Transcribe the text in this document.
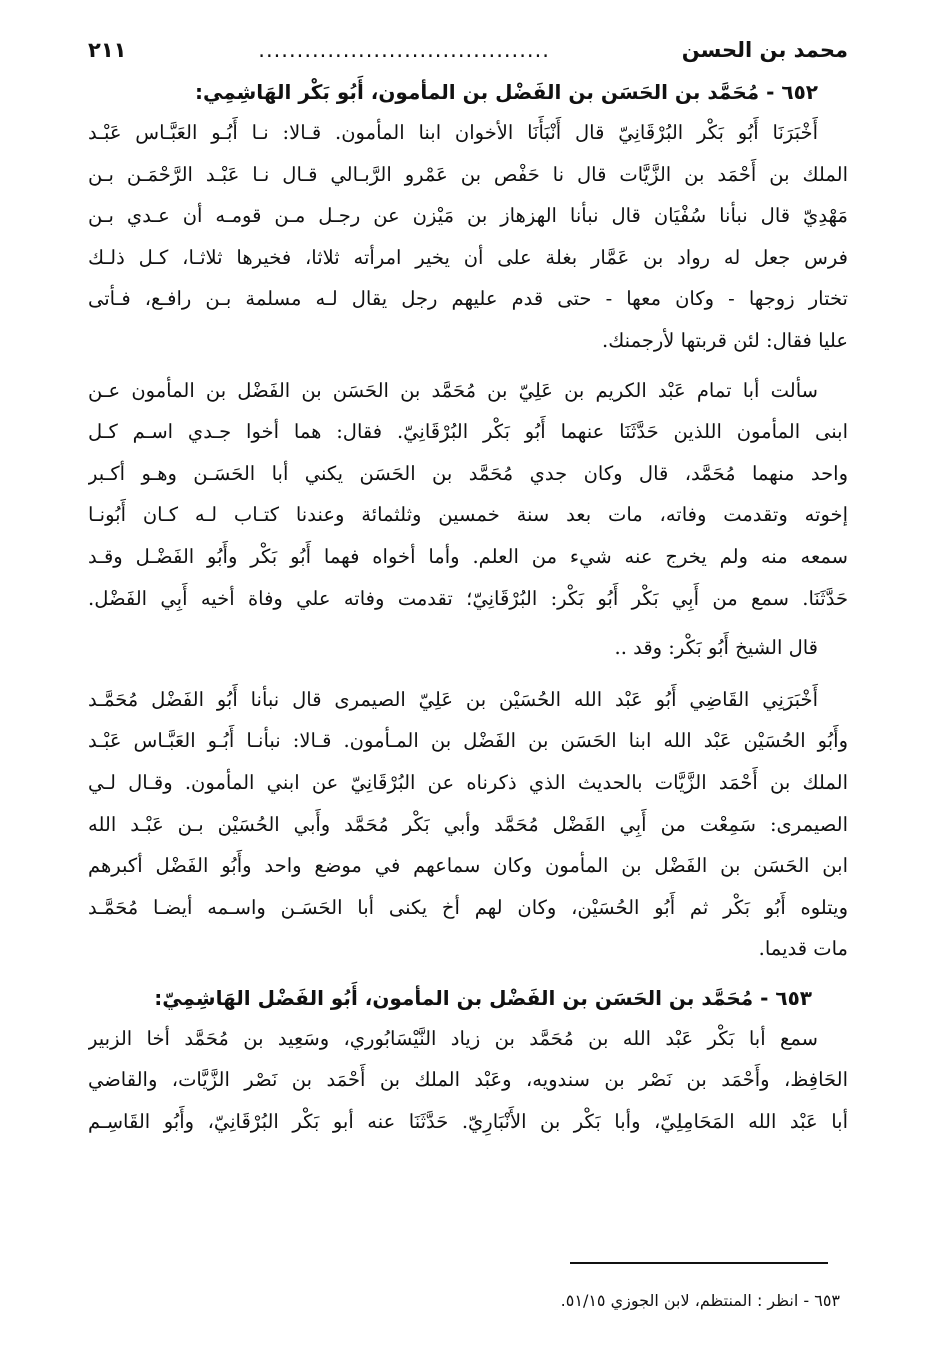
محمد بن الحسن
......................................
٢١١
٦٥٢ - مُحَمَّد بن الحَسَن بن الفَضْل بن المأمون، أَبُو بَكْر الهَاشِمِي:
أَخْبَرَنَا أَبُو بَكْر البُرْقَانِيّ قال أَنْبَأَنَا الأخوان ابنا المأمون. قـالا: نـا أَبُـو العَبَّـاس عَبْـد
الملك بن أَحْمَد بن الزَّيَّات قال نا حَفْص بن عَمْرو الرَّبـالي قـال نـا عَبْـد الرَّحْمَـن بـن
مَهْدِيّ قال نبأنا سُفْيَان قال نبأنا الهزهاز بن مَيْزن عن رجـل مـن قومـه أن عـدي بـن
فرس جعل له رواد بن عَمَّار بغلة على أن يخير امرأته ثلاثا، فخيرها ثلاثـا، كـل ذلـك
تختار زوجها - وكان معها - حتى قدم عليهم رجل يقال لـه مسلمة بـن رافـع، فـأتى
عليا فقال: لئن قربتها لأرجمنك.
سألت أبا تمام عَبْد الكريم بن عَلِيّ بن مُحَمَّد بن الحَسَن بن الفَضْل بن المأمون عـن
ابنى المأمون اللذين حَدَّثَنَا عنهما أَبُو بَكْر البُرْقَانِيّ. فقال: هما أخوا جـدي اسـم كـل
واحد منهما مُحَمَّد، قال وكان جدي مُحَمَّد بن الحَسَن يكني أبا الحَسَـن وهـو أكـبر
إخوته وتقدمت وفاته، مات بعد سنة خمسين وثلثمائة وعندنا كتـاب لـه كـان أَبُونـا
سمعه منه ولم يخرج عنه شيء من العلم. وأما أخواه فهما أَبُو بَكْر وأَبُو الفَضْـل وقـد
حَدَّثَنَا. سمع من أَبِي بَكْر أَبُو بَكْر: البُرْقَانِيّ؛ تقدمت وفاته علي وفاة أخيه أَبِي الفَضْل.
قال الشيخ أَبُو بَكْر: وقد ..
أَخْبَرَنِي القَاضِي أَبُو عَبْد الله الحُسَيْن بن عَلِيّ الصيمرى قال نبأنا أَبُو الفَضْل مُحَمَّـد
وأَبُو الحُسَيْن عَبْد الله ابنا الحَسَن بن الفَضْل بن المـأمون. قـالا: نبأنـا أَبُـو العَبَّـاس عَبْـد
الملك بن أَحْمَد الزَّيَّات بالحديث الذي ذكرناه عن البُرْقَانِيّ عن ابني المأمون. وقـال لـي
الصيمرى: سَمِعْت من أَبِي الفَضْل مُحَمَّد وأبي بَكْر مُحَمَّد وأَبي الحُسَيْن بـن عَبْـد الله
ابن الحَسَن بن الفَضْل بن المأمون وكان سماعهم في موضع واحد وأَبُو الفَضْل أكبرهم
ويتلوه أَبُو بَكْر ثم أَبُو الحُسَيْن، وكان لهم أخ يكنى أبا الحَسَـن واسـمه أيضـا مُحَمَّـد
مات قديما.
٦٥٣ - مُحَمَّد بن الحَسَن بن الفَضْل بن المأمون، أَبُو الفَضْل الهَاشِمِيّ:
سمع أبا بَكْر عَبْد الله بن مُحَمَّد بن زياد النَّيْسَابُوري، وسَعِيد بن مُحَمَّد أخا الزبير
الحَافِظ، وأَحْمَد بن نَصْر بن سندويه، وعَبْد الملك بن أَحْمَد بن نَصْر الزَّيَّات، والقاضي
أبا عَبْد الله المَحَامِلِيّ، وأبا بَكْر بن الأَنْبَارِيّ. حَدَّثَنَا عنه أبو بَكْر البُرْقَانِيّ، وأَبُو القَاسِـم
٦٥٣ - انظر : المنتظم، لابن الجوزي ٥١/١٥.
